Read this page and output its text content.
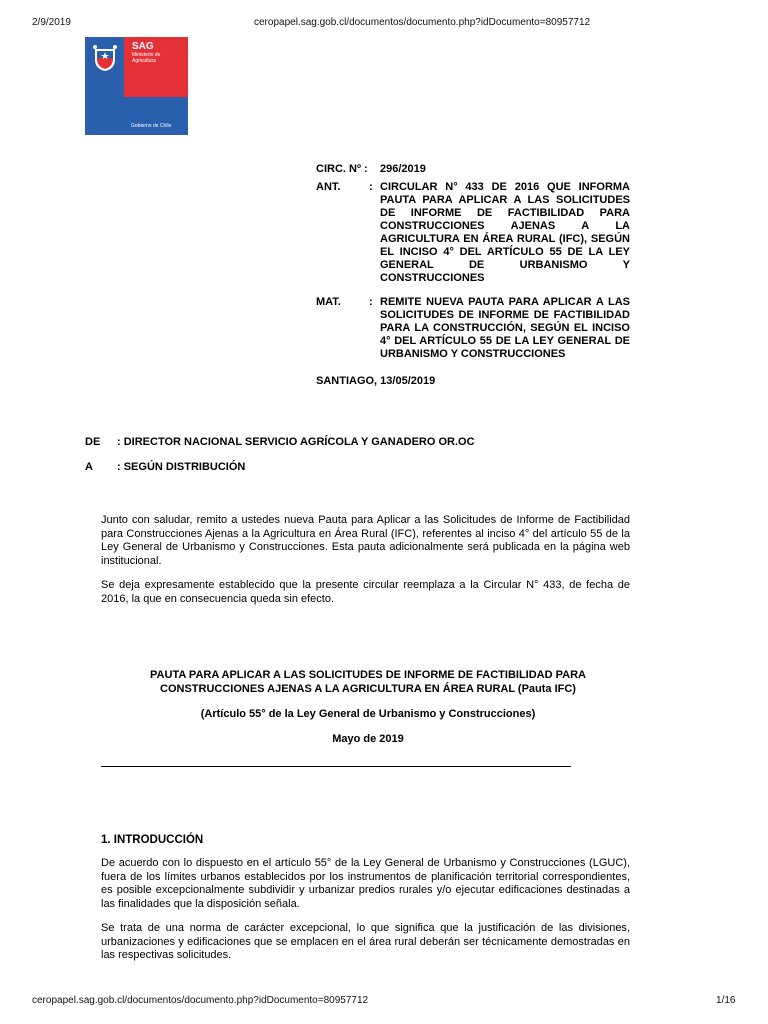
2/9/2019	ceropapel.sag.gob.cl/documentos/documento.php?idDocumento=80957712
SAG
Ministerio de Agricultura
Gobierno de Chile
CIRC. Nº : 296/2019
ANT.	: CIRCULAR N° 433 DE 2016 QUE INFORMA PAUTA PARA APLICAR A LAS SOLICITUDES DE INFORME DE FACTIBILIDAD PARA CONSTRUCCIONES AJENAS A LA AGRICULTURA EN ÁREA RURAL (IFC), SEGÚN EL INCISO 4° DEL ARTÍCULO 55 DE LA LEY GENERAL DE URBANISMO Y CONSTRUCCIONES
MAT.	: REMITE NUEVA PAUTA PARA APLICAR A LAS SOLICITUDES DE INFORME DE FACTIBILIDAD PARA LA CONSTRUCCIÓN, SEGÚN EL INCISO 4° DEL ARTÍCULO 55 DE LA LEY GENERAL DE URBANISMO Y CONSTRUCCIONES
SANTIAGO, 13/05/2019
DE : DIRECTOR NACIONAL SERVICIO AGRÍCOLA Y GANADERO OR.OC
A : SEGÚN DISTRIBUCIÓN
Junto con saludar, remito a ustedes nueva Pauta para Aplicar a las Solicitudes de Informe de Factibilidad para Construcciones Ajenas a la Agricultura en Área Rural (IFC), referentes al inciso 4° del artículo 55 de la Ley General de Urbanismo y Construcciones. Esta pauta adicionalmente será publicada en la página web institucional.
Se deja expresamente establecido que la presente circular reemplaza a la Circular N° 433, de fecha de 2016, la que en consecuencia queda sin efecto.
PAUTA PARA APLICAR A LAS SOLICITUDES DE INFORME DE FACTIBILIDAD PARA CONSTRUCCIONES AJENAS A LA AGRICULTURA EN ÁREA RURAL (Pauta IFC)
(Artículo 55° de la Ley General de Urbanismo y Construcciones)
Mayo de 2019
1. INTRODUCCIÓN
De acuerdo con lo dispuesto en el artículo 55° de la Ley General de Urbanismo y Construcciones (LGUC), fuera de los límites urbanos establecidos por los instrumentos de planificación territorial correspondientes, es posible excepcionalmente subdividir y urbanizar predios rurales y/o ejecutar edificaciones destinadas a las finalidades que la disposición señala.
Se trata de una norma de carácter excepcional, lo que significa que la justificación de las divisiones, urbanizaciones y edificaciones que se emplacen en el área rural deberán ser técnicamente demostradas en las respectivas solicitudes.
ceropapel.sag.gob.cl/documentos/documento.php?idDocumento=80957712	1/16
